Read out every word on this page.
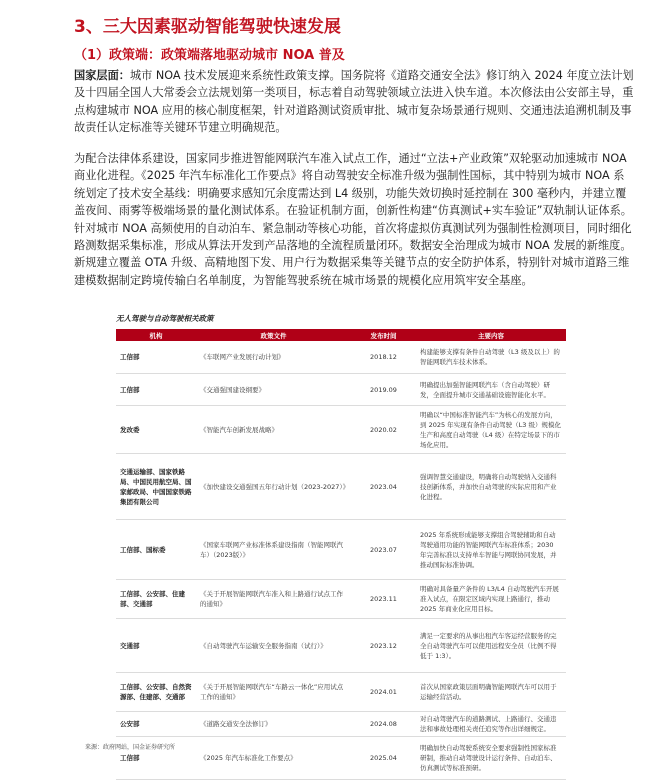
3、三大因素驱动智能驾驶快速发展
（1）政策端：政策端落地驱动城市 NOA 普及
国家层面：城市 NOA 技术发展迎来系统性政策支撑。国务院将《道路交通安全法》修订纳入 2024 年度立法计划及十四届全国人大常委会立法规划第一类项目，标志着自动驾驶领域立法进入快车道。本次修法由公安部主导，重点构建城市 NOA 应用的核心制度框架，针对道路测试资质审批、城市复杂场景通行规则、交通违法追溯机制及事故责任认定标准等关键环节建立明确规范。
为配合法律体系建设，国家同步推进智能网联汽车准入试点工作，通过“立法+产业政策”双轮驱动加速城市 NOA 商业化进程。《2025 年汽车标准化工作要点》将自动驾驶安全标准升级为强制性国标，其中特别为城市 NOA 系统划定了技术安全基线：明确要求感知冗余度需达到 L4 级别，功能失效切换时延控制在 300 毫秒内，并建立覆盖夜间、雨雾等极端场景的量化测试体系。在验证机制方面，创新性构建“仿真测试+实车验证”双轨制认证体系。针对城市 NOA 高频使用的自动泊车、紧急制动等核心功能，首次将虚拟仿真测试列为强制性检测项目，同时细化路测数据采集标准，形成从算法开发到产品落地的全流程质量闭环。数据安全治理成为城市 NOA 发展的新维度。新规建立覆盖 OTA 升级、高精地图下发、用户行为数据采集等关键节点的安全防护体系，特别针对城市道路三维建模数据制定跨境传输白名单制度，为智能驾驶系统在城市场景的规模化应用筑牢安全基座。
无人驾驶与自动驾驶相关政策
机构	政策文件	发布时间	主要内容
工信部	《车联网产业发展行动计划》	2018.12	构建能够支撑有条件自动驾驶（L3 级及以上）的智能网联汽车技术体系。
工信部	《交通强国建设纲要》	2019.09	明确提出加强智能网联汽车（含自动驾驶）研发，全面提升城市交通基础设施智能化水平。
发改委	《智能汽车创新发展战略》	2020.02	明确以“中国标准智能汽车”为核心的发展方向，到 2025 年实现有条件自动驾驶（L3 级）规模化生产和高度自动驾驶（L4 级）在特定场景下的市场化应用。
交通运输部、国家铁路局、中国民用航空局、国家邮政局、中国国家铁路集团有限公司	《加快建设交通强国五年行动计划（2023-2027）》	2023.04	强调智慧交通建设，明确将自动驾驶纳入交通科技创新体系，并加快自动驾驶的实际应用和产业化进程。
工信部、国标委	《国家车联网产业标准体系建设指南（智能网联汽车）（2023版）》	2023.07	2025 年系统形成能够支撑组合驾驶辅助和自动驾驶通用功能的智能网联汽车标准体系；2030 年完善标准以支持单车智能与网联协同发展，并推动国际标准协调。
工信部、公安部、住建部、交通部	《关于开展智能网联汽车准入和上路通行试点工作的通知》	2023.11	明确对具备量产条件的 L3/L4 自动驾驶汽车开展准入试点，在限定区域内实现上路通行，推动 2025 年商业化应用目标。
交通部	《自动驾驶汽车运输安全服务指南（试行）》	2023.12	满足一定要求的从事出租汽车客运经营服务的完全自动驾驶汽车可以使用远程安全员（比例不得低于 1:3）。
工信部、公安部、自然资源部、住建部、交通部	《关于开展智能网联汽车“车路云一体化”应用试点工作的通知》	2024.01	首次从国家政策层面明确智能网联汽车可以用于运输经营活动。
公安部	《道路交通安全法修订》	2024.08	对自动驾驶汽车的道路测试、上路通行、交通违法和事故处理相关责任追究等作出详细规定。
工信部	《2025 年汽车标准化工作要点》	2025.04	明确加快自动驾驶系统安全要求强制性国家标准研制，推动自动驾驶设计运行条件、自动泊车、仿真测试等标准预研。
来源：政府网站，国金证券研究所
